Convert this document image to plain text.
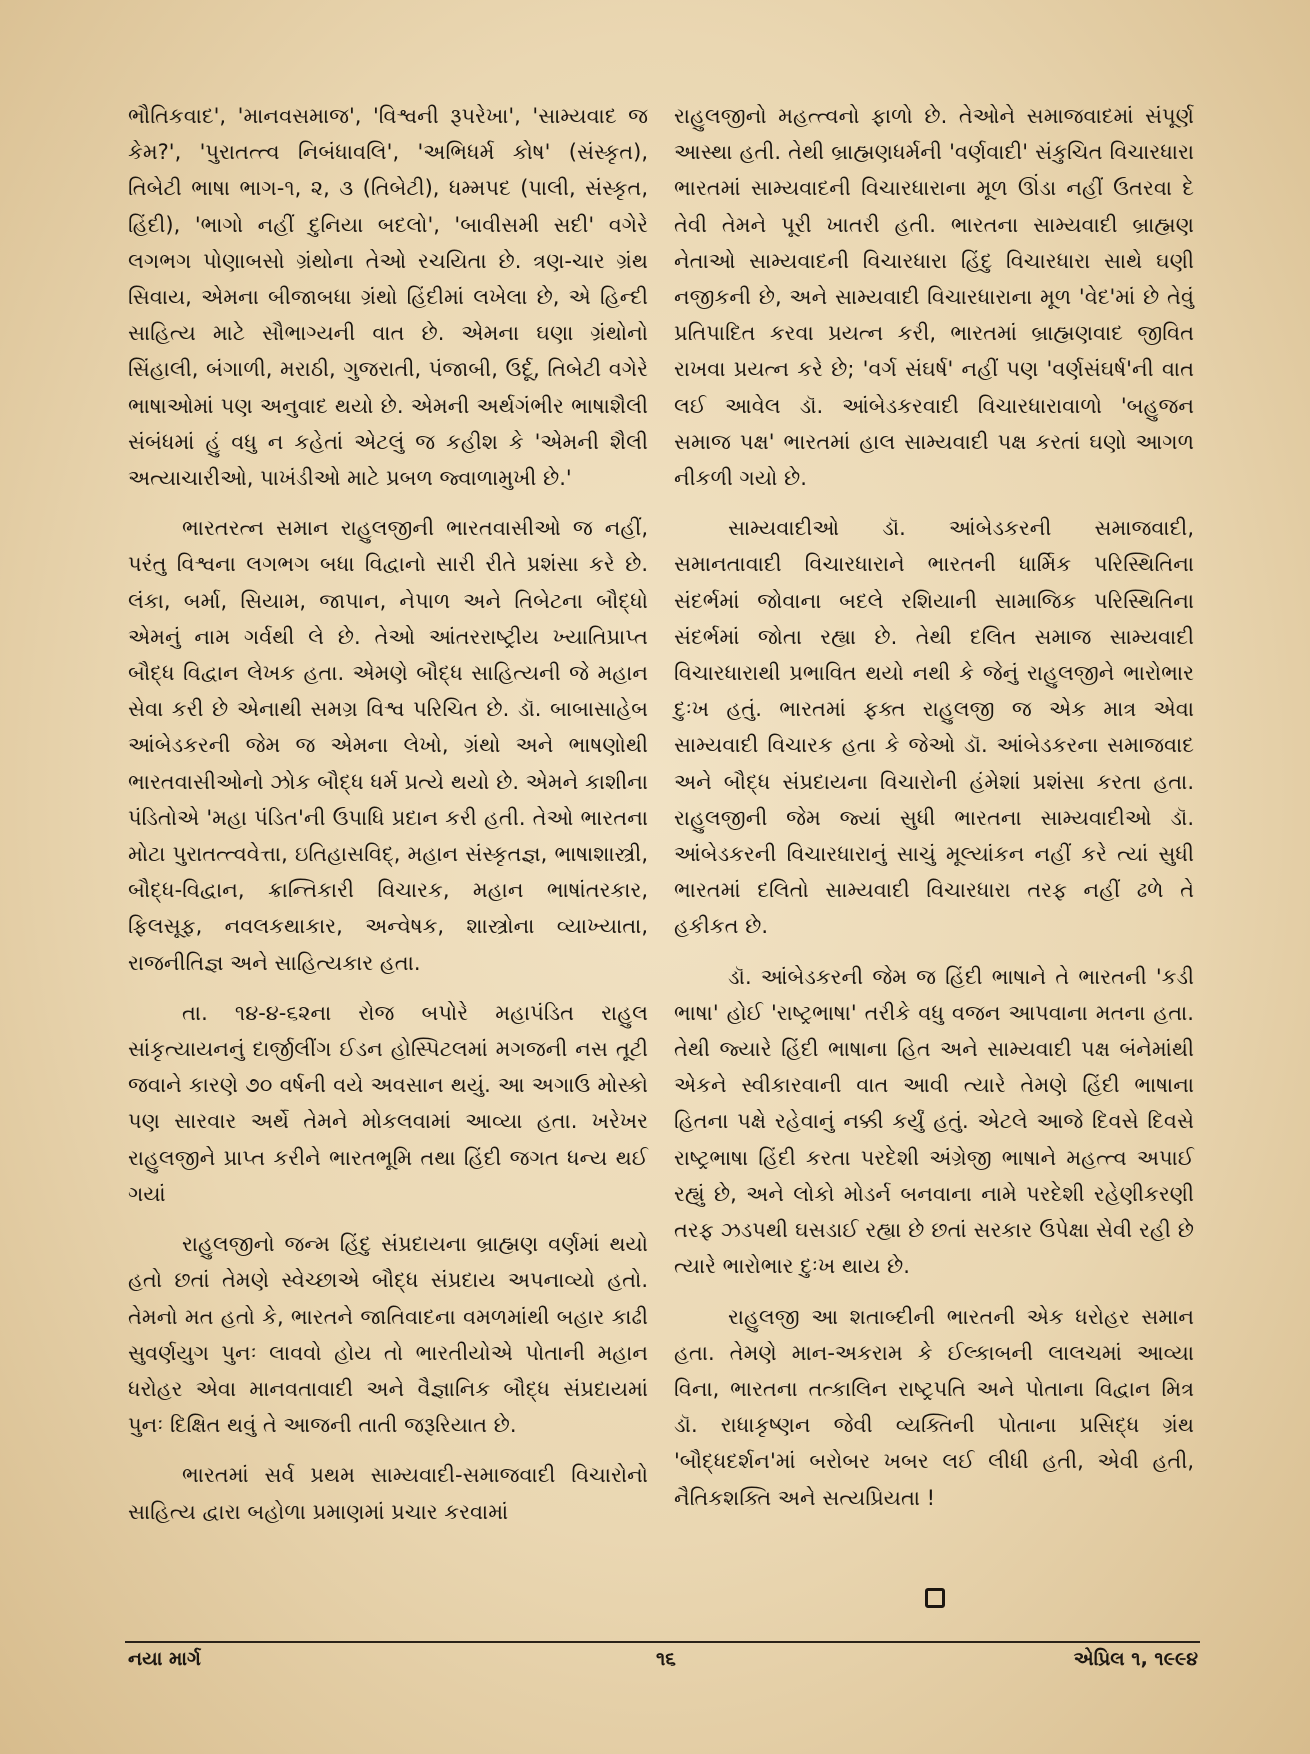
ભૌતિકવાદ', 'માનવસમાજ', 'વિશ્વની રૂપરેખા', 'સામ્યવાદ જ કેમ?', 'પુરાતત્ત્વ નિબંધાવલિ', 'અભિધર્મ કોષ' (સંસ્કૃત), તિબેટી ભાષા ભાગ-૧, ૨, ૩ (તિબેટી), ધમ્મપદ (પાલી, સંસ્કૃત, હિંદી), 'ભાગો નહીં દુનિયા બદલો', 'બાવીસમી સદી' વગેરે લગભગ પોણાબસો ગ્રંથોના તેઓ રચયિતા છે. ત્રણ-ચાર ગ્રંથ સિવાય, એમના બીજાબધા ગ્રંથો હિંદીમાં લખેલા છે, એ હિન્દી સાહિત્ય માટે સૌભાગ્યની વાત છે. એમના ઘણા ગ્રંથોનો સિંહાલી, બંગાળી, મરાઠી, ગુજરાતી, પંજાબી, ઉર્દૂ, તિબેટી વગેરે ભાષાઓમાં પણ અનુવાદ થયો છે. એમની અર્થગંભીર ભાષાશૈલી સંબંધમાં હું વધુ ન કહેતાં એટલું જ કહીશ કે 'એમની શૈલી અત્યાચારીઓ, પાખંડીઓ માટે પ્રબળ જ્વાળામુખી છે.'

ભારતરત્ન સમાન રાહુલજીની ભારતવાસીઓ જ નહીં, પરંતુ વિશ્વના લગભગ બધા વિદ્વાનો સારી રીતે પ્રશંસા કરે છે. લંકા, બર્મા, સિયામ, જાપાન, નેપાળ અને તિબેટના બૌદ્ધો એમનું નામ ગર્વથી લે છે. તેઓ આંતરરાષ્ટ્રીય ખ્યાતિપ્રાપ્ત બૌદ્ધ વિદ્વાન લેખક હતા. એમણે બૌદ્ધ સાહિત્યની જે મહાન સેવા કરી છે એનાથી સમગ્ર વિશ્વ પરિચિત છે. ડૉ. બાબાસાહેબ આંબેડકરની જેમ જ એમના લેખો, ગ્રંથો અને ભાષણોથી ભારતવાસીઓનો ઝોક બૌદ્ધ ધર્મ પ્રત્યે થયો છે. એમને કાશીના પંડિતોએ 'મહા પંડિત'ની ઉપાધિ પ્રદાન કરી હતી. તેઓ ભારતના મોટા પુરાતત્ત્વવેત્તા, ઇતિહાસવિદ્, મહાન સંસ્કૃતજ્ઞ, ભાષાશાસ્ત્રી, બૌદ્ધ-વિદ્વાન, ક્રાન્તિકારી વિચારક, મહાન ભાષાંતરકાર, ફિલસૂફ, નવલકથાકાર, અન્વેષક, શાસ્ત્રોના વ્યાખ્યાતા, રાજનીતિજ્ઞ અને સાહિત્યકાર હતા.

તા. ૧૪-૪-૬૨ના રોજ બપોરે મહાપંડિત રાહુલ સાંકૃત્યાયનનું દાર્જીલીંગ ઈડન હોસ્પિટલમાં મગજની નસ તૂટી જવાને કારણે ૭૦ વર્ષની વયે અવસાન થયું. આ અગાઉ મોસ્કો પણ સારવાર અર્થે તેમને મોકલવામાં આવ્યા હતા. ખરેખર રાહુલજીને પ્રાપ્ત કરીને ભારતભૂમિ તથા હિંદી જગત ધન્ય થઈ ગયાં

રાહુલજીનો જન્મ હિંદુ સંપ્રદાયના બ્રાહ્મણ વર્ણમાં થયો હતો છતાં તેમણે સ્વેચ્છાએ બૌદ્ધ સંપ્રદાય અપનાવ્યો હતો. તેમનો મત હતો કે, ભારતને જાતિવાદના વમળમાંથી બહાર કાઢી સુવર્ણયુગ પુનઃ લાવવો હોય તો ભારતીયોએ પોતાની મહાન ધરોહર એવા માનવતાવાદી અને વૈજ્ઞાનિક બૌદ્ધ સંપ્રદાયમાં પુનઃ દિક્ષિત થવું તે આજની તાતી જરૂરિયાત છે.

ભારતમાં સર્વ પ્રથમ સામ્યવાદી-સમાજવાદી વિચારોનો સાહિત્ય દ્વારા બહોળા પ્રમાણમાં પ્રચાર કરવામાં

રાહુલજીનો મહત્ત્વનો ફાળો છે. તેઓને સમાજવાદમાં સંપૂર્ણ આસ્થા હતી. તેથી બ્રાહ્મણધર્મની 'વર્ણવાદી' સંકુચિત વિચારધારા ભારતમાં સામ્યવાદની વિચારધારાના મૂળ ઊંડા નહીં ઉતરવા દે તેવી તેમને પૂરી ખાતરી હતી. ભારતના સામ્યવાદી બ્રાહ્મણ નેતાઓ સામ્યવાદની વિચારધારા હિંદુ વિચારધારા સાથે ઘણી નજીકની છે, અને સામ્યવાદી વિચારધારાના મૂળ 'વેદ'માં છે તેવું પ્રતિપાદિત કરવા પ્રયત્ન કરી, ભારતમાં બ્રાહ્મણવાદ જીવિત રાખવા પ્રયત્ન કરે છે; 'વર્ગ સંઘર્ષ' નહીં પણ 'વર્ણસંઘર્ષ'ની વાત લઈ આવેલ ડૉ. આંબેડકરવાદી વિચારધારાવાળો 'બહુજન સમાજ પક્ષ' ભારતમાં હાલ સામ્યવાદી પક્ષ કરતાં ઘણો આગળ નીકળી ગયો છે.

સામ્યવાદીઓ ડૉ. આંબેડકરની સમાજવાદી, સમાનતાવાદી વિચારધારાને ભારતની ધાર્મિક પરિસ્થિતિના સંદર્ભમાં જોવાના બદલે રશિયાની સામાજિક પરિસ્થિતિના સંદર્ભમાં જોતા રહ્યા છે. તેથી દલિત સમાજ સામ્યવાદી વિચારધારાથી પ્રભાવિત થયો નથી કે જેનું રાહુલજીને ભારોભાર દુઃખ હતું. ભારતમાં ફક્ત રાહુલજી જ એક માત્ર એવા સામ્યવાદી વિચારક હતા કે જેઓ ડૉ. આંબેડકરના સમાજવાદ અને બૌદ્ધ સંપ્રદાયના વિચારોની હંમેશાં પ્રશંસા કરતા હતા. રાહુલજીની જેમ જ્યાં સુધી ભારતના સામ્યવાદીઓ ડૉ. આંબેડકરની વિચારધારાનું સાચું મૂલ્યાંકન નહીં કરે ત્યાં સુધી ભારતમાં દલિતો સામ્યવાદી વિચારધારા તરફ નહીં ઢળે તે હકીકત છે.

ડૉ. આંબેડકરની જેમ જ હિંદી ભાષાને તે ભારતની 'કડી ભાષા' હોઈ 'રાષ્ટ્રભાષા' તરીકે વધુ વજન આપવાના મતના હતા. તેથી જ્યારે હિંદી ભાષાના હિત અને સામ્યવાદી પક્ષ બંનેમાંથી એકને સ્વીકારવાની વાત આવી ત્યારે તેમણે હિંદી ભાષાના હિતના પક્ષે રહેવાનું નક્કી કર્યું હતું. એટલે આજે દિવસે દિવસે રાષ્ટ્રભાષા હિંદી કરતા પરદેશી અંગ્રેજી ભાષાને મહત્ત્વ અપાઈ રહ્યું છે, અને લોકો મોડર્ન બનવાના નામે પરદેશી રહેણીકરણી તરફ ઝડપથી ઘસડાઈ રહ્યા છે છતાં સરકાર ઉપેક્ષા સેવી રહી છે ત્યારે ભારોભાર દુઃખ થાય છે.

રાહુલજી આ શતાબ્દીની ભારતની એક ધરોહર સમાન હતા. તેમણે માન-અકરામ કે ઈલ્કાબની લાલચમાં આવ્યા વિના, ભારતના તત્કાલિન રાષ્ટ્રપતિ અને પોતાના વિદ્વાન મિત્ર ડૉ. રાધાકૃષ્ણન જેવી વ્યક્તિની પોતાના પ્રસિદ્ધ ગ્રંથ 'બૌદ્ધદર્શન'માં બરોબર ખબર લઈ લીધી હતી, એવી હતી, નૈતિકશક્તિ અને સત્યપ્રિયતા !

નયા માર્ગ	૧૬	એપ્રિલ ૧, ૧૯૯૪
